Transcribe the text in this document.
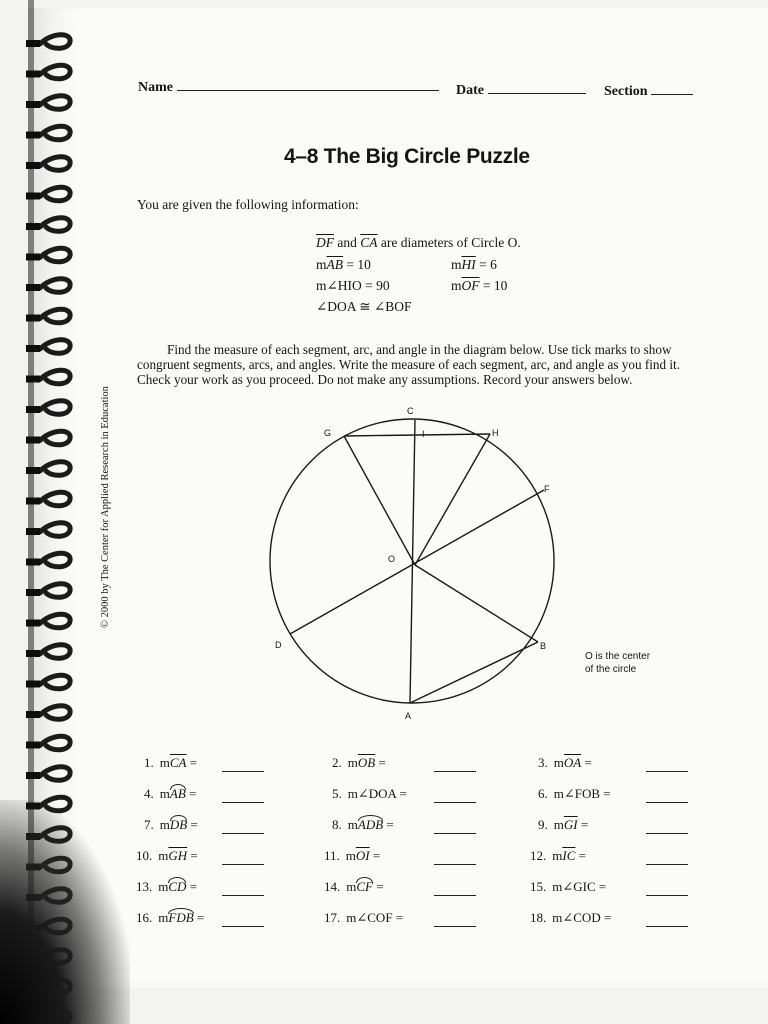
Name	Date	Section
4–8 The Big Circle Puzzle
You are given the following information:
$\overline{DF}$ and $\overline{CA}$ are diameters of Circle O.
$m\overline{AB} = 10$	$m\overline{HI} = 6$
m∠HIO = 90	$m\overline{OF} = 10$
∠DOA ≅ ∠BOF
Find the measure of each segment, arc, and angle in the diagram below. Use tick marks to show congruent segments, arcs, and angles. Write the measure of each segment, arc, and angle as you find it. Check your work as you proceed. Do not make any assumptions. Record your answers below.
© 2000 by The Center for Applied Research in Education	C
G	I	H
F
O
D	B
A
O is the center
of the circle
1. $m\overline{CA}$ =	2. $m\overline{OB}$ =	3. $m\overline{OA}$ =
4. mAB =	5. m∠DOA =	6. m∠FOB =
7. mDB =	8. mADB =	9. $m\overline{GI}$ =
10. $m\overline{GH}$ =	11. $m\overline{OI}$ =	12. $m\overline{IC}$ =
13. mCD =	14. mCF =	15. m∠GIC =
16. mFDB =	17. m∠COF =	18. m∠COD =
